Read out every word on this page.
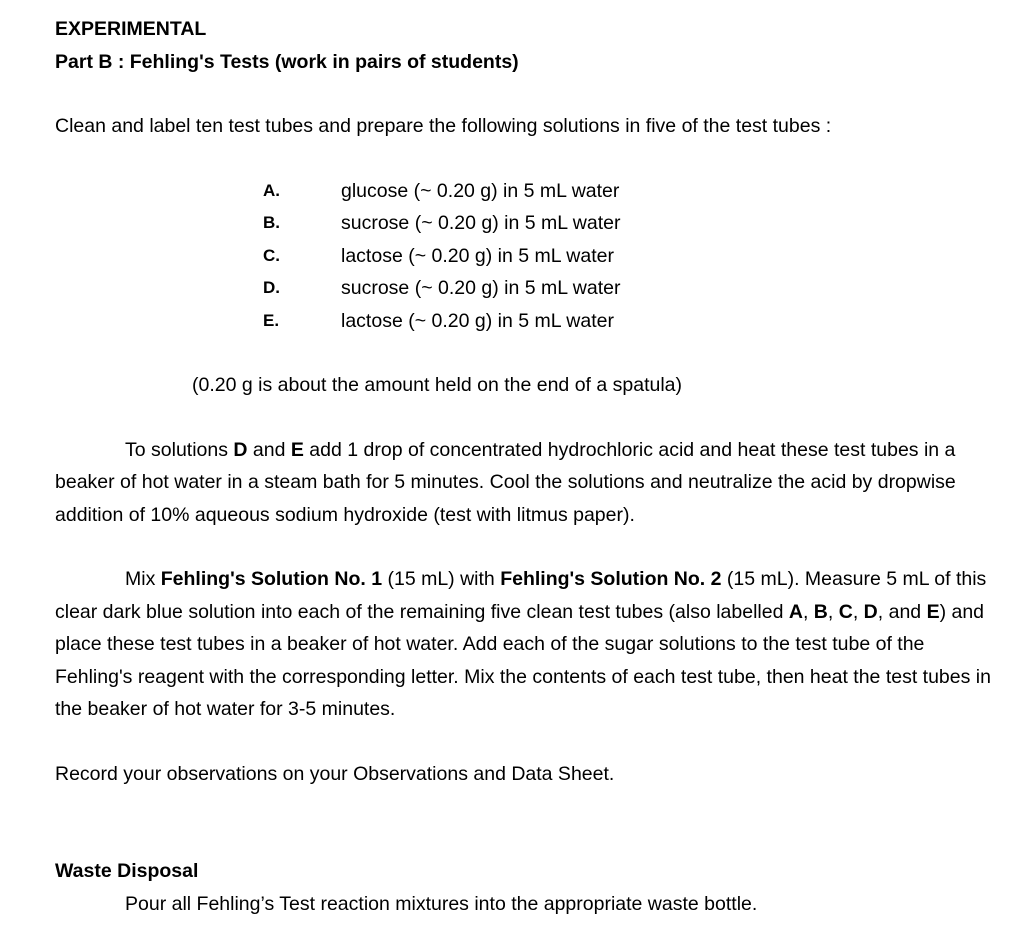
EXPERIMENTAL

Part B : Fehling's Tests (work in pairs of students)

Clean and label ten test tubes and prepare the following solutions in five of the test tubes :

A.	glucose (~ 0.20 g) in 5 mL water
B.	sucrose (~ 0.20 g) in 5 mL water
C.	lactose (~ 0.20 g) in 5 mL water
D.	sucrose (~ 0.20 g) in 5 mL water
E.	lactose (~ 0.20 g) in 5 mL water

(0.20 g is about the amount held on the end of a spatula)

To solutions D and E add 1 drop of concentrated hydrochloric acid and heat these test tubes in a beaker of hot water in a steam bath for 5 minutes. Cool the solutions and neutralize the acid by dropwise addition of 10% aqueous sodium hydroxide (test with litmus paper).

Mix Fehling's Solution No. 1 (15 mL) with Fehling's Solution No. 2 (15 mL). Measure 5 mL of this clear dark blue solution into each of the remaining five clean test tubes (also labelled A, B, C, D, and E) and place these test tubes in a beaker of hot water. Add each of the sugar solutions to the test tube of the Fehling's reagent with the corresponding letter. Mix the contents of each test tube, then heat the test tubes in the beaker of hot water for 3-5 minutes.

Record your observations on your Observations and Data Sheet.

Waste Disposal

Pour all Fehling’s Test reaction mixtures into the appropriate waste bottle.
